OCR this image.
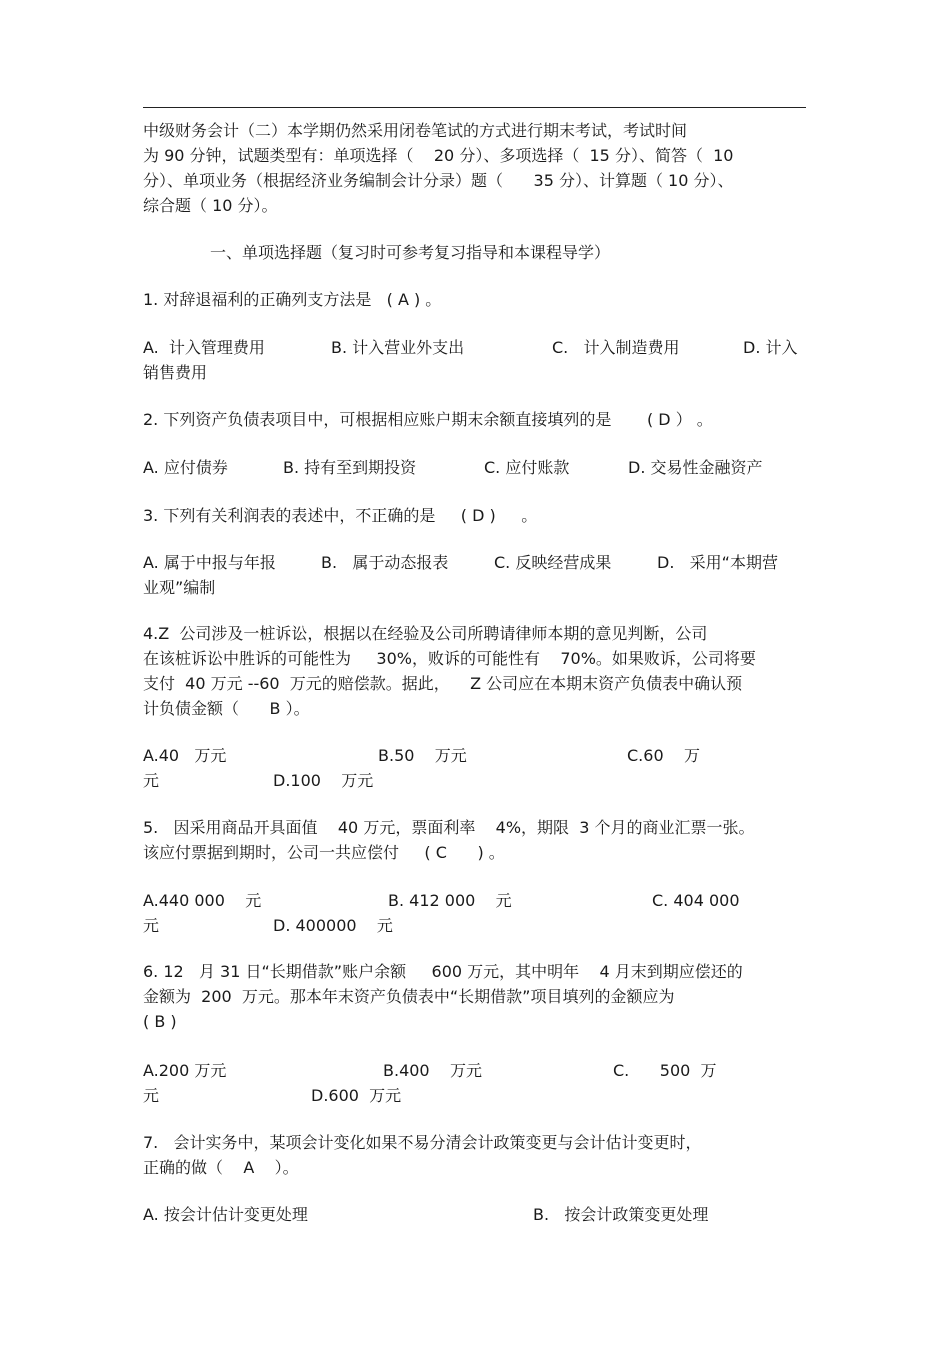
中级财务会计（二）本学期仍然采用闭卷笔试的方式进行期末考试，考试时间
为 90 分钟，试题类型有：单项选择（    20 分）、多项选择（  15 分）、简答（  10
分）、单项业务（根据经济业务编制会计分录）题（      35 分）、计算题（ 10 分）、
综合题（ 10 分）。
一、单项选择题（复习时可参考复习指导和本课程导学）
1. 对辞退福利的正确列支方法是   ( A ) 。
A.  计入管理费用	B. 计入营业外支出	C.   计入制造费用	D. 计入
销售费用
2. 下列资产负债表项目中，可根据相应账户期末余额直接填列的是       ( D ） 。
A. 应付债券	B. 持有至到期投资	C. 应付账款	D. 交易性金融资产
3. 下列有关利润表的表述中，不正确的是     ( D )     。
A. 属于中报与年报	B.   属于动态报表	C. 反映经营成果	D.   采用“本期营
业观”编制
4.Z  公司涉及一桩诉讼，根据以在经验及公司所聘请律师本期的意见判断，公司
在该桩诉讼中胜诉的可能性为     30%，败诉的可能性有    70%。如果败诉，公司将要
支付  40 万元 --60  万元的赔偿款。据此，    Z 公司应在本期末资产负债表中确认预
计负债金额（      B ）。
A.40   万元	B.50    万元	C.60    万
元	D.100    万元
5.   因采用商品开具面值    40 万元，票面利率    4%，期限  3 个月的商业汇票一张。
该应付票据到期时，公司一共应偿付     ( C      ) 。
A.440 000    元	B. 412 000    元	C. 404 000
元	D. 400000    元
6. 12   月 31 日“长期借款”账户余额     600 万元，其中明年    4 月末到期应偿还的
金额为  200  万元。那本年末资产负债表中“长期借款”项目填列的金额应为
( B )
A.200 万元	B.400    万元	C.      500  万
元	D.600  万元
7.   会计实务中，某项会计变化如果不易分清会计政策变更与会计估计变更时，
正确的做（    A    ）。
A. 按会计估计变更处理	B.   按会计政策变更处理
